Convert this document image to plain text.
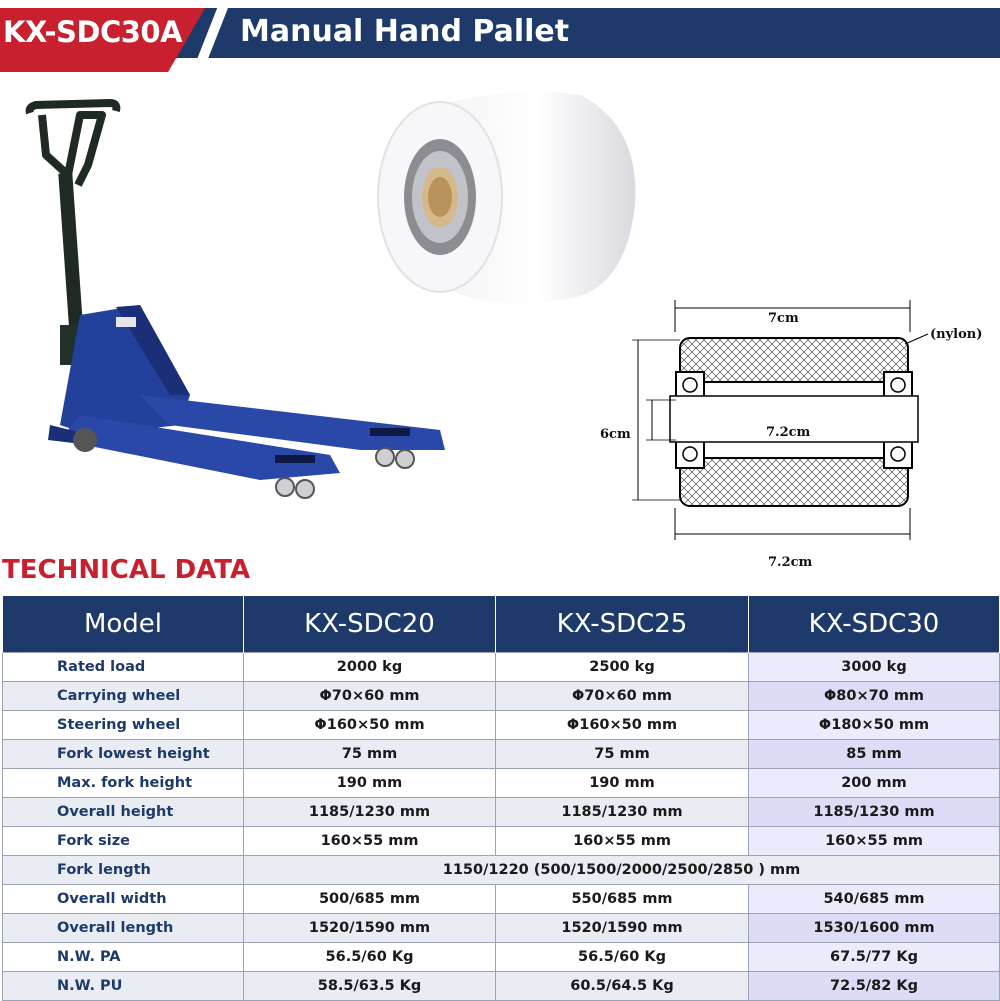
KX-SDC30A Manual Hand Pallet
7cm
(nylon)
6cm	7.2cm
7.2cm
TECHNICAL DATA
Model	KX-SDC20	KX-SDC25	KX-SDC30
Rated load	2000 kg	2500 kg	3000 kg
Carrying wheel	Φ70×60 mm	Φ70×60 mm	Φ80×70 mm
Steering wheel	Φ160×50 mm	Φ160×50 mm	Φ180×50 mm
Fork lowest height	75 mm	75 mm	85 mm
Max. fork height	190 mm	190 mm	200 mm
Overall height	1185/1230 mm	1185/1230 mm	1185/1230 mm
Fork size	160×55 mm	160×55 mm	160×55 mm
Fork length	1150/1220 (500/1500/2000/2500/2850 ) mm		
Overall width	500/685 mm	550/685 mm	540/685 mm
Overall length	1520/1590 mm	1520/1590 mm	1530/1600 mm
N.W. PA	56.5/60 Kg	56.5/60 Kg	67.5/77 Kg
N.W. PU	58.5/63.5 Kg	60.5/64.5 Kg	72.5/82 Kg
